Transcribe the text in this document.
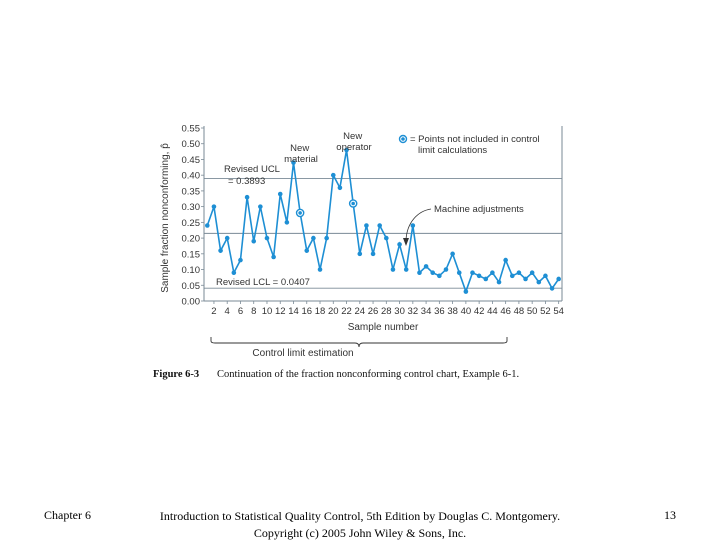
0.00
0.05
0.10
0.15
0.20
0.25
0.30
0.35
0.40
0.45
0.50
0.55
2 4 6 8 10 12 14 16 18 20 22 24 26 28 30 32 34 36 38 40 42 44 46 48 50 52 54
Sample fraction nonconforming, p̂
Sample number
Revised UCL = 0.3893
Revised LCL = 0.0407
New material
New operator
Machine adjustments
= Points not included in control limit calculations
Control limit estimation
Figure 6-3 Continuation of the fraction nonconforming control chart, Example 6-1.
Chapter 6	Introduction to Statistical Quality Control, 5th Edition by Douglas C. Montgomery.
Copyright (c) 2005 John Wiley & Sons, Inc.
13
